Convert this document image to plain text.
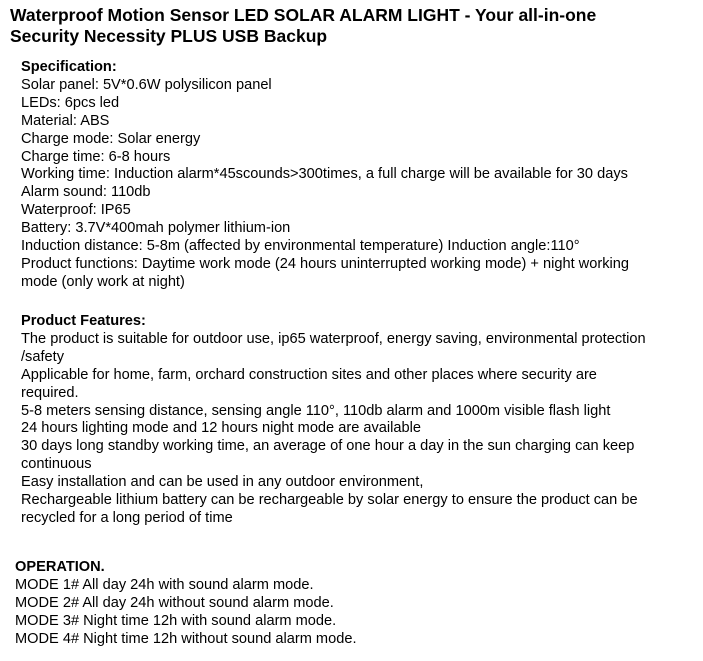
Waterproof Motion Sensor LED SOLAR ALARM LIGHT - Your all-in-one
Security Necessity PLUS USB Backup
Specification:
Solar panel: 5V*0.6W polysilicon panel
LEDs: 6pcs led
Material: ABS
Charge mode: Solar energy
Charge time: 6-8 hours
Working time: Induction alarm*45scounds>300times, a full charge will be available for 30 days
Alarm sound: 110db
Waterproof: IP65
Battery: 3.7V*400mah polymer lithium-ion
Induction distance: 5-8m (affected by environmental temperature) Induction angle:110°
Product functions: Daytime work mode (24 hours uninterrupted working mode) + night working
mode (only work at night)
Product Features:
The product is suitable for outdoor use, ip65 waterproof, energy saving, environmental protection
/safety
Applicable for home, farm, orchard construction sites and other places where security are
required.
5-8 meters sensing distance, sensing angle 110°, 110db alarm and 1000m visible flash light
24 hours lighting mode and 12 hours night mode are available
30 days long standby working time, an average of one hour a day in the sun charging can keep
continuous
Easy installation and can be used in any outdoor environment,
Rechargeable lithium battery can be rechargeable by solar energy to ensure the product can be
recycled for a long period of time
OPERATION.
MODE 1# All day 24h with sound alarm mode.
MODE 2# All day 24h without sound alarm mode.
MODE 3# Night time 12h with sound alarm mode.
MODE 4# Night time 12h without sound alarm mode.
